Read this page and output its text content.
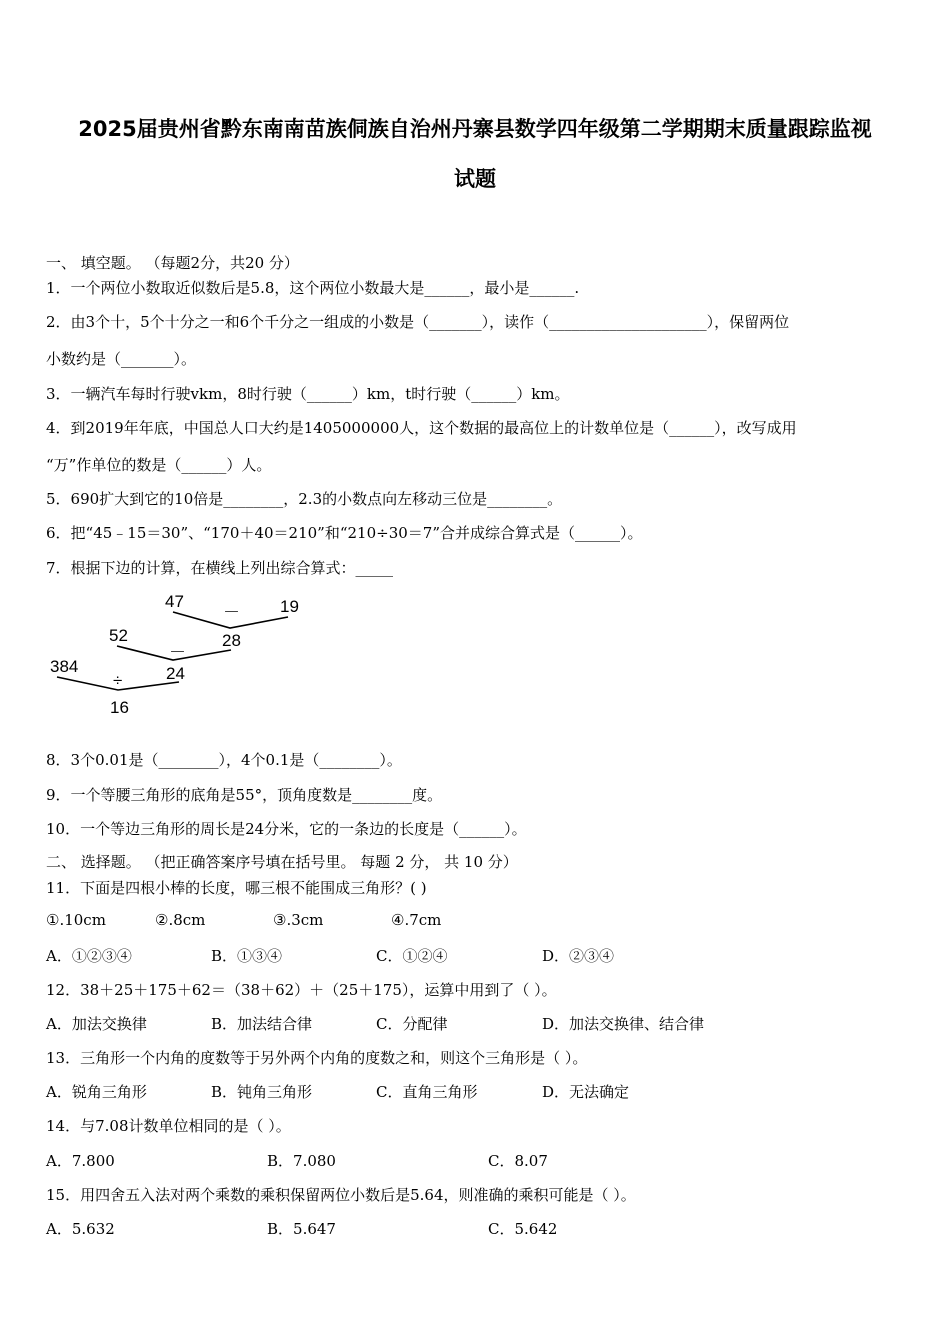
2025届贵州省黔东南南苗族侗族自治州丹寨县数学四年级第二学期期末质量跟踪监视
试题
一、 填空题。 （每题2分，共20 分）
1．一个两位小数取近似数后是5.8，这个两位小数最大是______，最小是______.
2．由3个十，5个十分之一和6个千分之一组成的小数是（_______），读作（_____________________），保留两位
小数约是（_______）。
3．一辆汽车每时行驶vkm，8时行驶（______）km，t时行驶（______）km。
4．到2019年年底，中国总人口大约是1405000000人，这个数据的最高位上的计数单位是（______），改写成用
“万”作单位的数是（______）人。
5．690扩大到它的10倍是________，2.3的小数点向左移动三位是________。
6．把“45﹣15＝30”、“170＋40＝210”和“210÷30＝7”合并成综合算式是（______）。
7．根据下边的计算，在横线上列出综合算式：_____
47
－ 19
28
52
－
24
384
÷
16
8．3个0.01是（________），4个0.1是（________）。
9．一个等腰三角形的底角是55°，顶角度数是________度。
10．一个等边三角形的周长是24分米，它的一条边的长度是（______）。
二、 选择题。 （把正确答案序号填在括号里。 每题 2 分， 共 10 分）
11．下面是四根小棒的长度，哪三根不能围成三角形？( )
①.10cm	②.8cm	③.3cm	④.7cm
A．①②③④	B．①③④	C．①②④	D．②③④
12．38＋25＋175＋62＝（38＋62）＋（25＋175），运算中用到了（ ）。
A．加法交换律	B．加法结合律	C．分配律	D．加法交换律、结合律
13．三角形一个内角的度数等于另外两个内角的度数之和，则这个三角形是（ ）。
A．锐角三角形	B．钝角三角形	C．直角三角形	D．无法确定
14．与7.08计数单位相同的是（ ）。
A．7.800	B．7.080	C．8.07
15．用四舍五入法对两个乘数的乘积保留两位小数后是5.64，则准确的乘积可能是（ ）。
A．5.632	B．5.647	C．5.642
